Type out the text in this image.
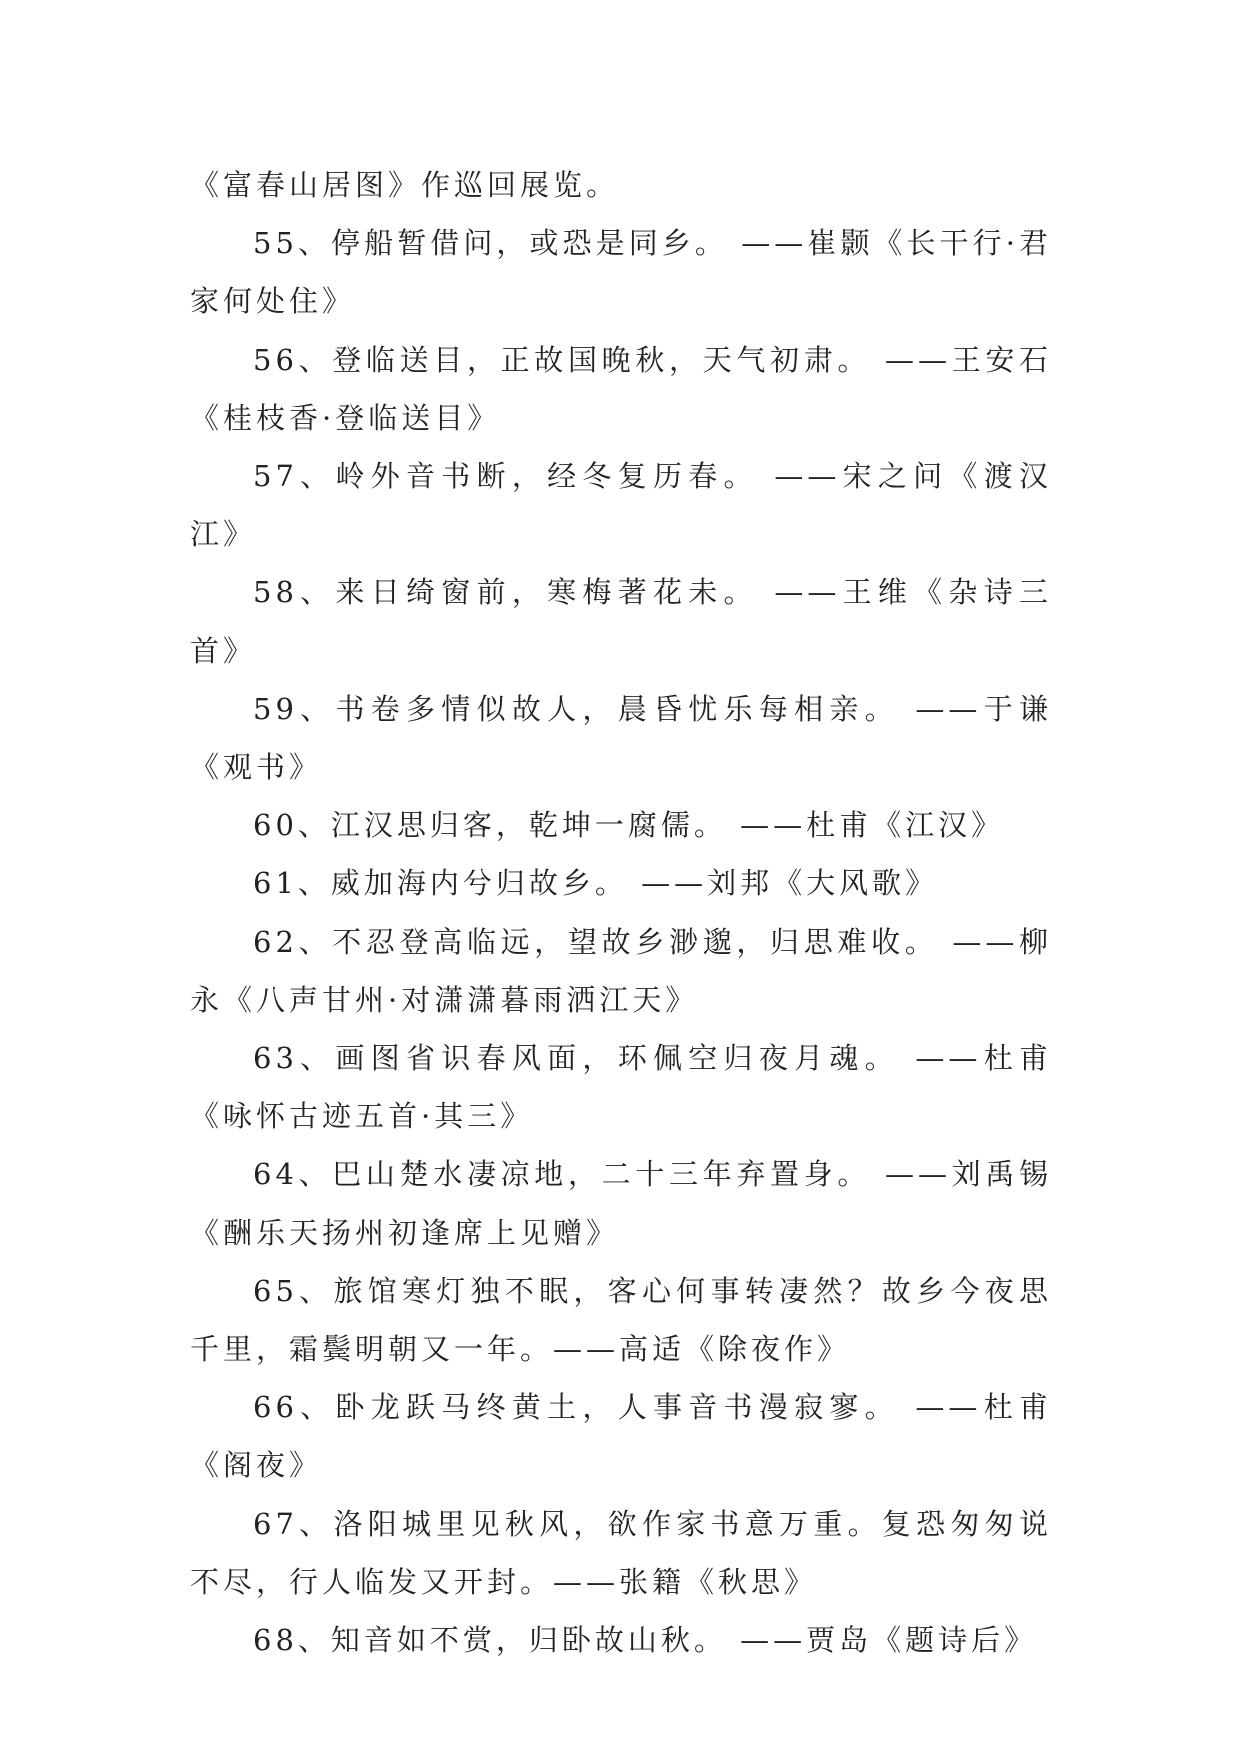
《富春山居图》作巡回展览。

55、停船暂借问，或恐是同乡。 ——崔颢《长干行·君家何处住》

56、登临送目，正故国晚秋，天气初肃。 ——王安石《桂枝香·登临送目》

57、岭外音书断，经冬复历春。 ——宋之问《渡汉江》

58、来日绮窗前，寒梅著花未。 ——王维《杂诗三首》

59、书卷多情似故人，晨昏忧乐每相亲。 ——于谦《观书》

60、江汉思归客，乾坤一腐儒。 ——杜甫《江汉》

61、威加海内兮归故乡。 ——刘邦《大风歌》

62、不忍登高临远，望故乡渺邈，归思难收。 ——柳永《八声甘州·对潇潇暮雨洒江天》

63、画图省识春风面，环佩空归夜月魂。 ——杜甫《咏怀古迹五首·其三》

64、巴山楚水凄凉地，二十三年弃置身。 ——刘禹锡《酬乐天扬州初逢席上见赠》

65、旅馆寒灯独不眠，客心何事转凄然？故乡今夜思千里，霜鬓明朝又一年。——高适《除夜作》

66、卧龙跃马终黄土，人事音书漫寂寥。 ——杜甫《阁夜》

67、洛阳城里见秋风，欲作家书意万重。复恐匆匆说不尽，行人临发又开封。——张籍《秋思》

68、知音如不赏，归卧故山秋。 ——贾岛《题诗后》
